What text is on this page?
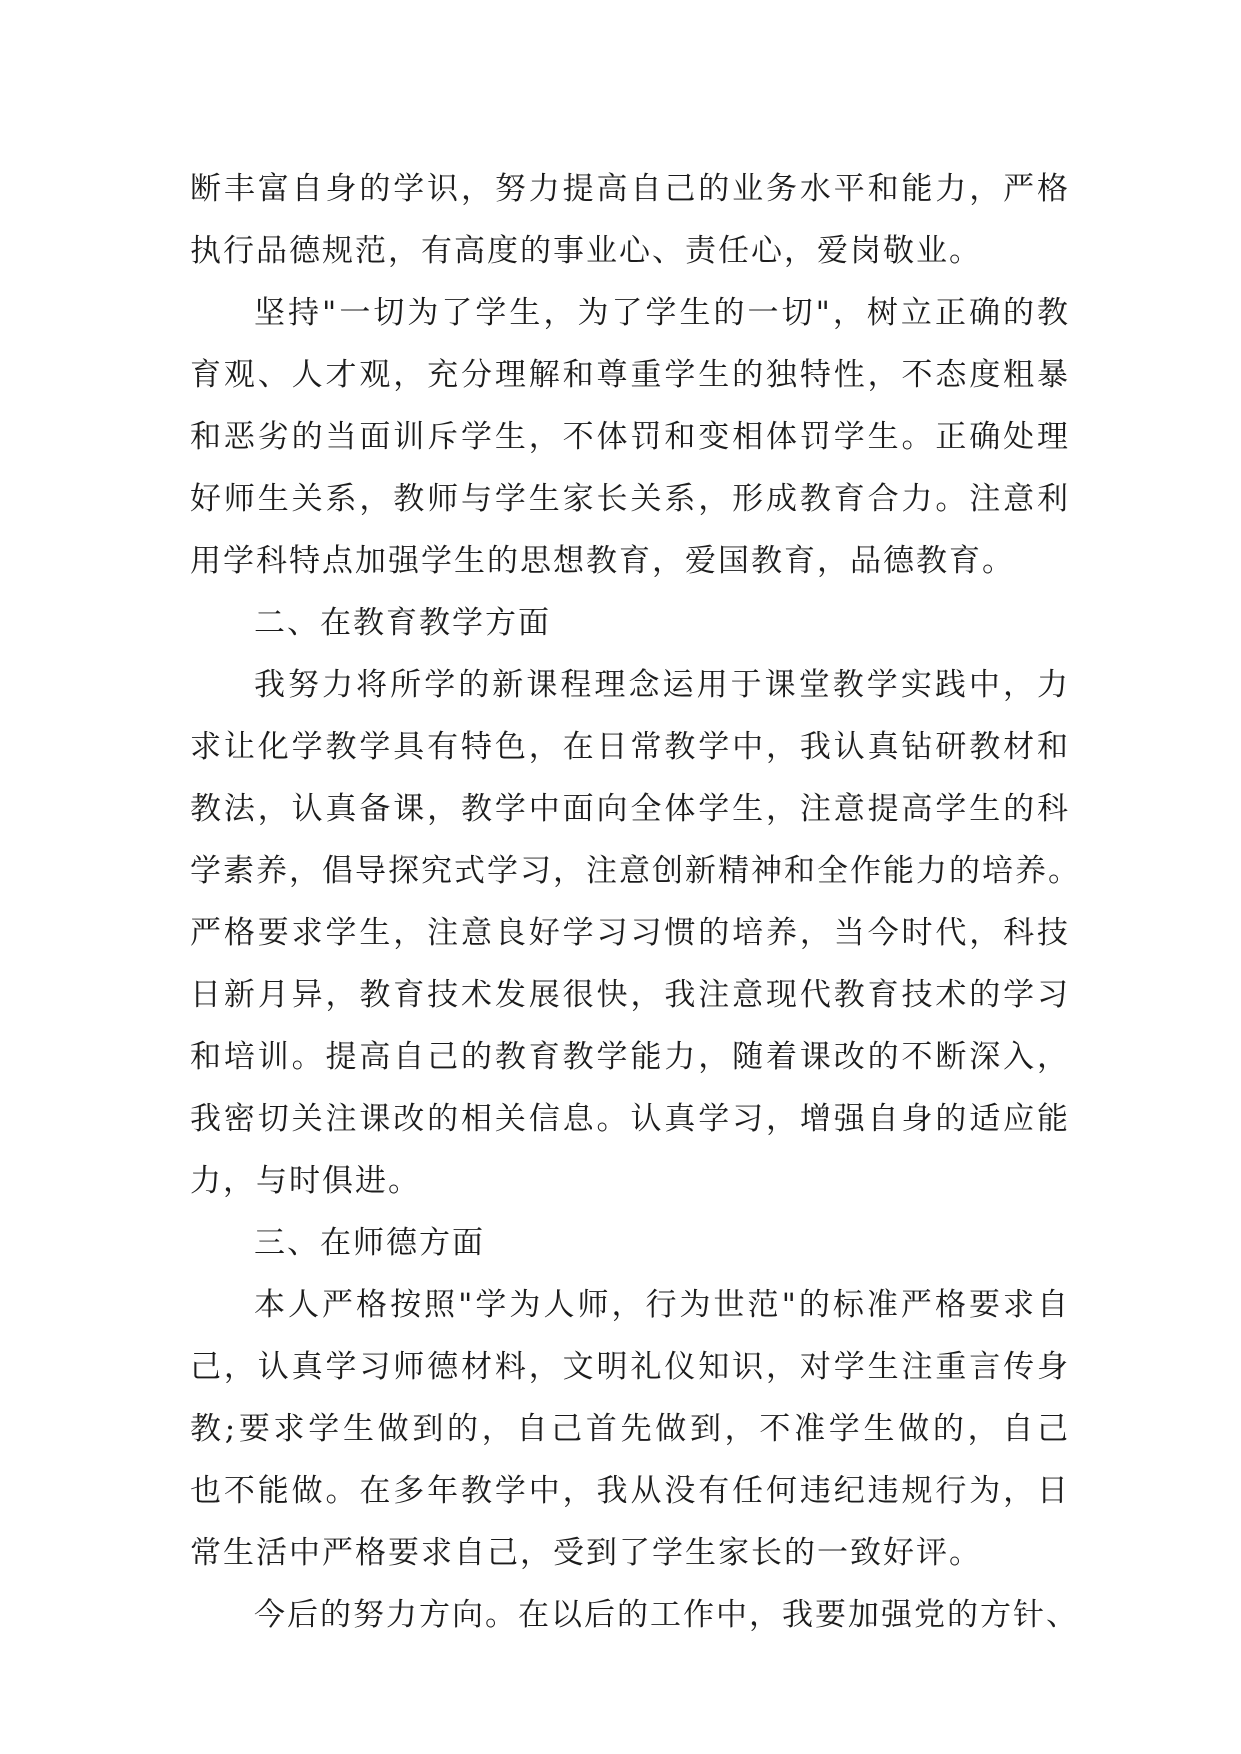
断丰富自身的学识，努力提高自己的业务水平和能力，严格
执行品德规范，有高度的事业心、责任心，爱岗敬业。
坚持"一切为了学生，为了学生的一切"，树立正确的教
育观、人才观，充分理解和尊重学生的独特性，不态度粗暴
和恶劣的当面训斥学生，不体罚和变相体罚学生。正确处理
好师生关系，教师与学生家长关系，形成教育合力。注意利
用学科特点加强学生的思想教育，爱国教育，品德教育。
二、在教育教学方面
我努力将所学的新课程理念运用于课堂教学实践中，力
求让化学教学具有特色，在日常教学中，我认真钻研教材和
教法，认真备课，教学中面向全体学生，注意提高学生的科
学素养，倡导探究式学习，注意创新精神和全作能力的培养。
严格要求学生，注意良好学习习惯的培养，当今时代，科技
日新月异，教育技术发展很快，我注意现代教育技术的学习
和培训。提高自己的教育教学能力，随着课改的不断深入，
我密切关注课改的相关信息。认真学习，增强自身的适应能
力，与时俱进。
三、在师德方面
本人严格按照"学为人师，行为世范"的标准严格要求自
己，认真学习师德材料，文明礼仪知识，对学生注重言传身
教;要求学生做到的，自己首先做到，不准学生做的，自己
也不能做。在多年教学中，我从没有任何违纪违规行为，日
常生活中严格要求自己，受到了学生家长的一致好评。
今后的努力方向。在以后的工作中，我要加强党的方针、
